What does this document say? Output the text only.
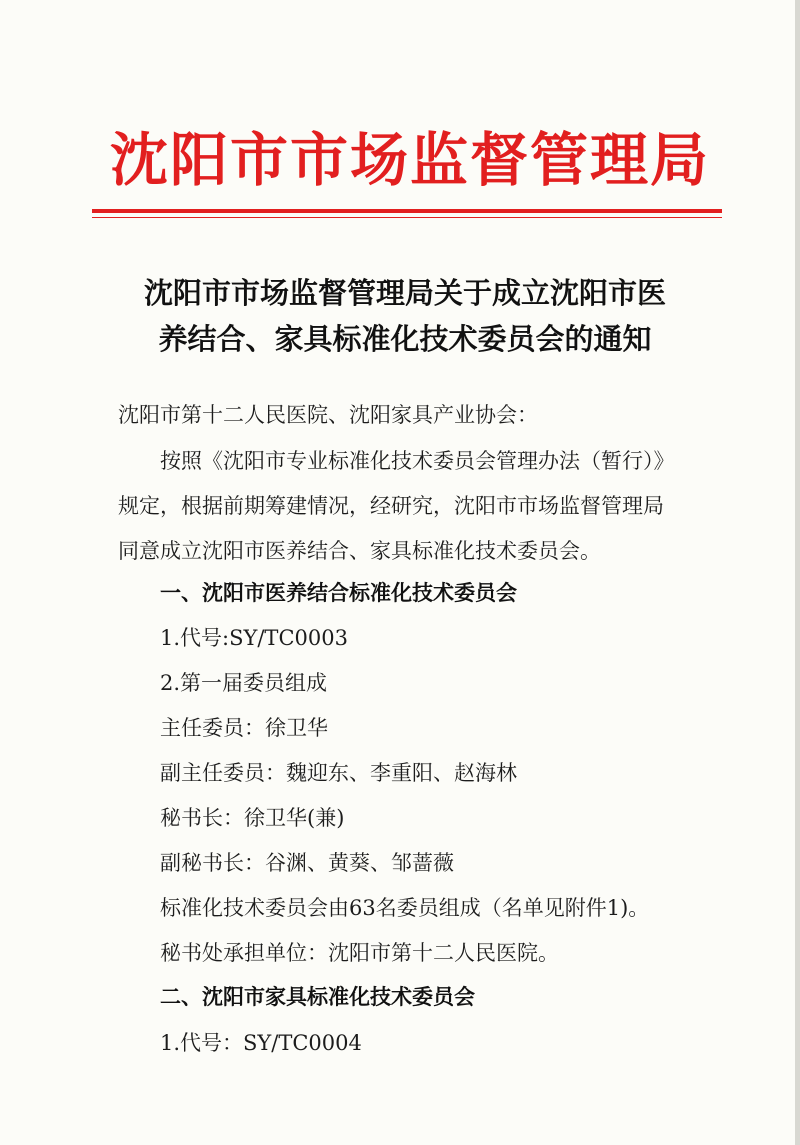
沈阳市市场监督管理局
沈阳市市场监督管理局关于成立沈阳市医
养结合、家具标准化技术委员会的通知
沈阳市第十二人民医院、沈阳家具产业协会：
按照《沈阳市专业标准化技术委员会管理办法（暂行）》
规定，根据前期筹建情况，经研究，沈阳市市场监督管理局
同意成立沈阳市医养结合、家具标准化技术委员会。
一、沈阳市医养结合标准化技术委员会
1.代号:SY/TC0003
2.第一届委员组成
主任委员：徐卫华
副主任委员：魏迎东、李重阳、赵海林
秘书长：徐卫华(兼)
副秘书长：谷渊、黄葵、邹蔷薇
标准化技术委员会由63名委员组成（名单见附件1)。
秘书处承担单位：沈阳市第十二人民医院。
二、沈阳市家具标准化技术委员会
1.代号：SY/TC0004
